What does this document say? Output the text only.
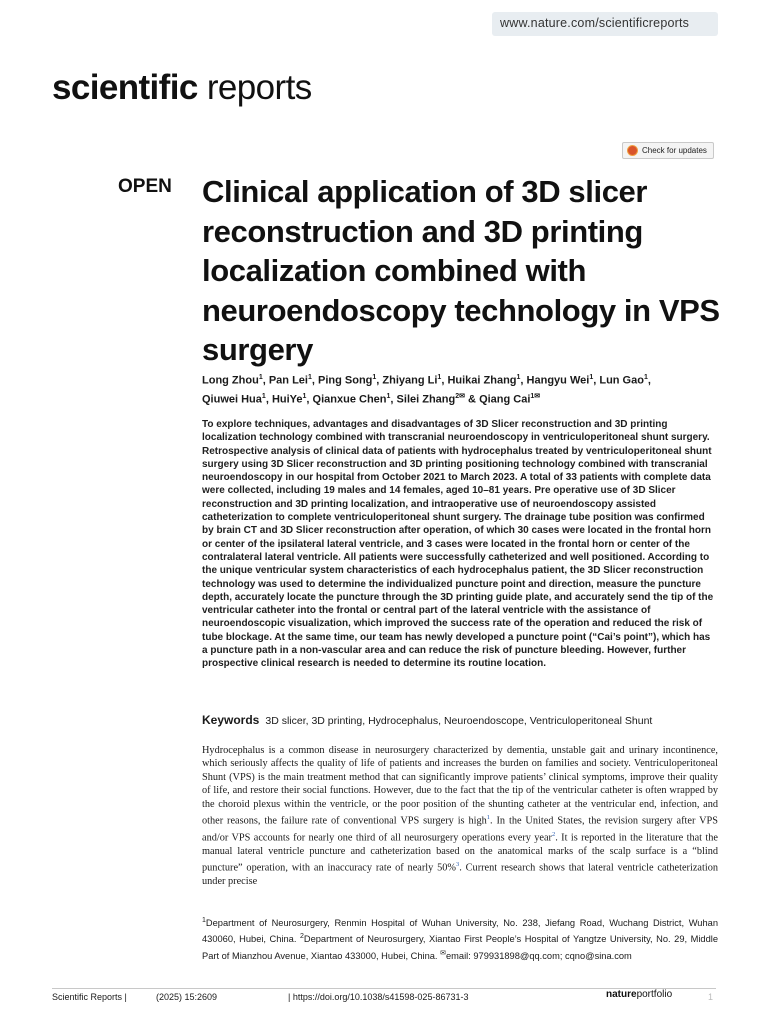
www.nature.com/scientificreports
scientific reports
Check for updates
OPEN Clinical application of 3D slicer reconstruction and 3D printing localization combined with neuroendoscopy technology in VPS surgery
Long Zhou$^1$, Pan Lei$^1$, Ping Song$^1$, Zhiyang Li$^1$, Huikai Zhang$^1$, Hangyu Wei$^1$, Lun Gao$^1$,
Qiuwei Hua$^1$, HuiYe$^1$, Qianxue Chen$^1$, Silei Zhang$^{2✉}$ & Qiang Cai$^{1✉}$

To explore techniques, advantages and disadvantages of 3D Slicer reconstruction and 3D printing localization technology combined with transcranial neuroendoscopy in ventriculoperitoneal shunt surgery. Retrospective analysis of clinical data of patients with hydrocephalus treated by ventriculoperitoneal shunt surgery using 3D Slicer reconstruction and 3D printing positioning technology combined with transcranial neuroendoscopy in our hospital from October 2021 to March 2023. A total of 33 patients with complete data were collected, including 19 males and 14 females, aged 10–81 years. Pre operative use of 3D Slicer reconstruction and 3D printing localization, and intraoperative use of neuroendoscopy assisted catheterization to complete ventriculoperitoneal shunt surgery. The drainage tube position was confirmed by brain CT and 3D Slicer reconstruction after operation, of which 30 cases were located in the frontal horn or center of the ipsilateral lateral ventricle, and 3 cases were located in the frontal horn or center of the contralateral lateral ventricle. All patients were successfully catheterized and well positioned. According to the unique ventricular system characteristics of each hydrocephalus patient, the 3D Slicer reconstruction technology was used to determine the individualized puncture point and direction, measure the puncture depth, accurately locate the puncture through the 3D printing guide plate, and accurately send the tip of the ventricular catheter into the frontal or central part of the lateral ventricle with the assistance of neuroendoscopic visualization, which improved the success rate of the operation and reduced the risk of tube blockage. At the same time, our team has newly developed a puncture point (“Cai’s point”), which has a puncture path in a non-vascular area and can reduce the risk of puncture bleeding. However, further prospective clinical research is needed to determine its routine location.

Keywords 3D slicer, 3D printing, Hydrocephalus, Neuroendoscope, Ventriculoperitoneal Shunt

Hydrocephalus is a common disease in neurosurgery characterized by dementia, unstable gait and urinary incontinence, which seriously affects the quality of life of patients and increases the burden on families and society. Ventriculoperitoneal Shunt (VPS) is the main treatment method that can significantly improve patients’ clinical symptoms, improve their quality of life, and restore their social functions. However, due to the fact that the tip of the ventricular catheter is often wrapped by the choroid plexus within the ventricle, or the poor position of the shunting catheter at the ventricular end, infection, and other reasons, the failure rate of conventional VPS surgery is high$^1$. In the United States, the revision surgery after VPS and/or VPS accounts for nearly one third of all neurosurgery operations every year$^2$. It is reported in the literature that the manual lateral ventricle puncture and catheterization based on the anatomical marks of the scalp surface is a “blind puncture” operation, with an inaccuracy rate of nearly 50%$^3$. Current research shows that lateral ventricle catheterization under precise

$^1$Department of Neurosurgery, Renmin Hospital of Wuhan University, No. 238, Jiefang Road, Wuchang District, Wuhan 430060, Hubei, China. $^2$Department of Neurosurgery, Xiantao First People’s Hospital of Yangtze University, No. 29, Middle Part of Mianzhou Avenue, Xiantao 433000, Hubei, China. ✉email: 979931898@qq.com; cqno@sina.com

Scientific Reports |	(2025) 15:2609	| https://doi.org/10.1038/s41598-025-86731-3	natureportfolio	1
